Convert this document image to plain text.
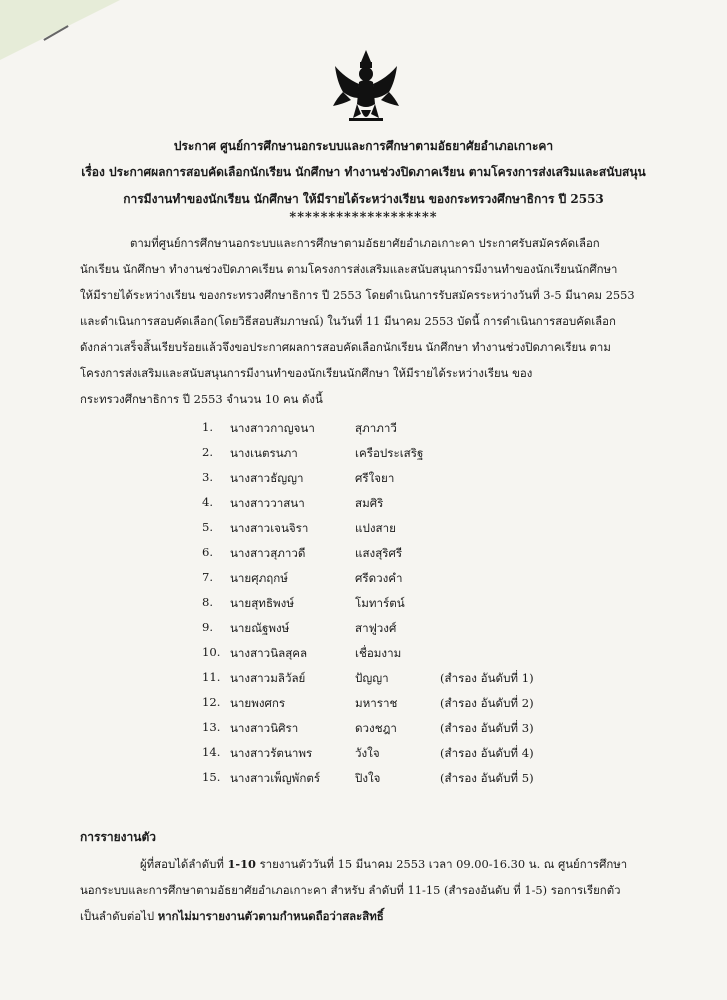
ประกาศ ศูนย์การศึกษานอกระบบและการศึกษาตามอัธยาศัยอำเภอเกาะคา
เรื่อง ประกาศผลการสอบคัดเลือกนักเรียน นักศึกษา ทำงานช่วงปิดภาคเรียน ตามโครงการส่งเสริมและสนับสนุน
การมีงานทำของนักเรียน นักศึกษา ให้มีรายได้ระหว่างเรียน ของกระทรวงศึกษาธิการ ปี 2553
*******************
ตามที่ศูนย์การศึกษานอกระบบและการศึกษาตามอัธยาศัยอำเภอเกาะคา ประกาศรับสมัครคัดเลือก
นักเรียน นักศึกษา ทำงานช่วงปิดภาคเรียน ตามโครงการส่งเสริมและสนับสนุนการมีงานทำของนักเรียนนักศึกษา
ให้มีรายได้ระหว่างเรียน ของกระทรวงศึกษาธิการ ปี 2553 โดยดำเนินการรับสมัครระหว่างวันที่ 3-5 มีนาคม 2553
และดำเนินการสอบคัดเลือก(โดยวิธีสอบสัมภาษณ์) ในวันที่ 11 มีนาคม 2553 บัดนี้ การดำเนินการสอบคัดเลือก
ดังกล่าวเสร็จสิ้นเรียบร้อยแล้วจึงขอประกาศผลการสอบคัดเลือกนักเรียน นักศึกษา ทำงานช่วงปิดภาคเรียน ตาม
โครงการส่งเสริมและสนับสนุนการมีงานทำของนักเรียนนักศึกษา ให้มีรายได้ระหว่างเรียน ของ
กระทรวงศึกษาธิการ ปี 2553 จำนวน 10 คน ดังนี้
1. นางสาวกาญจนา	สุภาภาวี
2. นางเนตรนภา	เครือประเสริฐ
3. นางสาวธัญญา	ศรีใจยา
4. นางสาววาสนา	สมศิริ
5. นางสาวเจนจิรา	แปงสาย
6. นางสาวสุภาวดี	แสงสุริศรี
7. นายศุภฤกษ์	ศรีดวงคำ
8. นายสุทธิพงษ์	โมทาร์ตน์
9. นายณัฐพงษ์	สาฟูวงศ์
10. นางสาวนิลสุคล	เชื่อมงาม
11. นางสาวมลิวัลย์	ปัญญา	(สำรอง อันดับที่ 1)
12. นายพงศกร	มหาราช	(สำรอง อันดับที่ 2)
13. นางสาวนิศิรา	ดวงชฎา	(สำรอง อันดับที่ 3)
14. นางสาวรัตนาพร	วังใจ	(สำรอง อันดับที่ 4)
15. นางสาวเพ็ญพักตร์	ปิงใจ	(สำรอง อันดับที่ 5)
การรายงานตัว
ผู้ที่สอบได้ลำดับที่ 1-10 รายงานตัววันที่ 15 มีนาคม 2553 เวลา 09.00-16.30 น. ณ ศูนย์การศึกษา
นอกระบบและการศึกษาตามอัธยาศัยอำเภอเกาะคา สำหรับ ลำดับที่ 11-15 (สำรองอันดับ ที่ 1-5) รอการเรียกตัว
เป็นลำดับต่อไป หากไม่มารายงานตัวตามกำหนดถือว่าสละสิทธิ์
